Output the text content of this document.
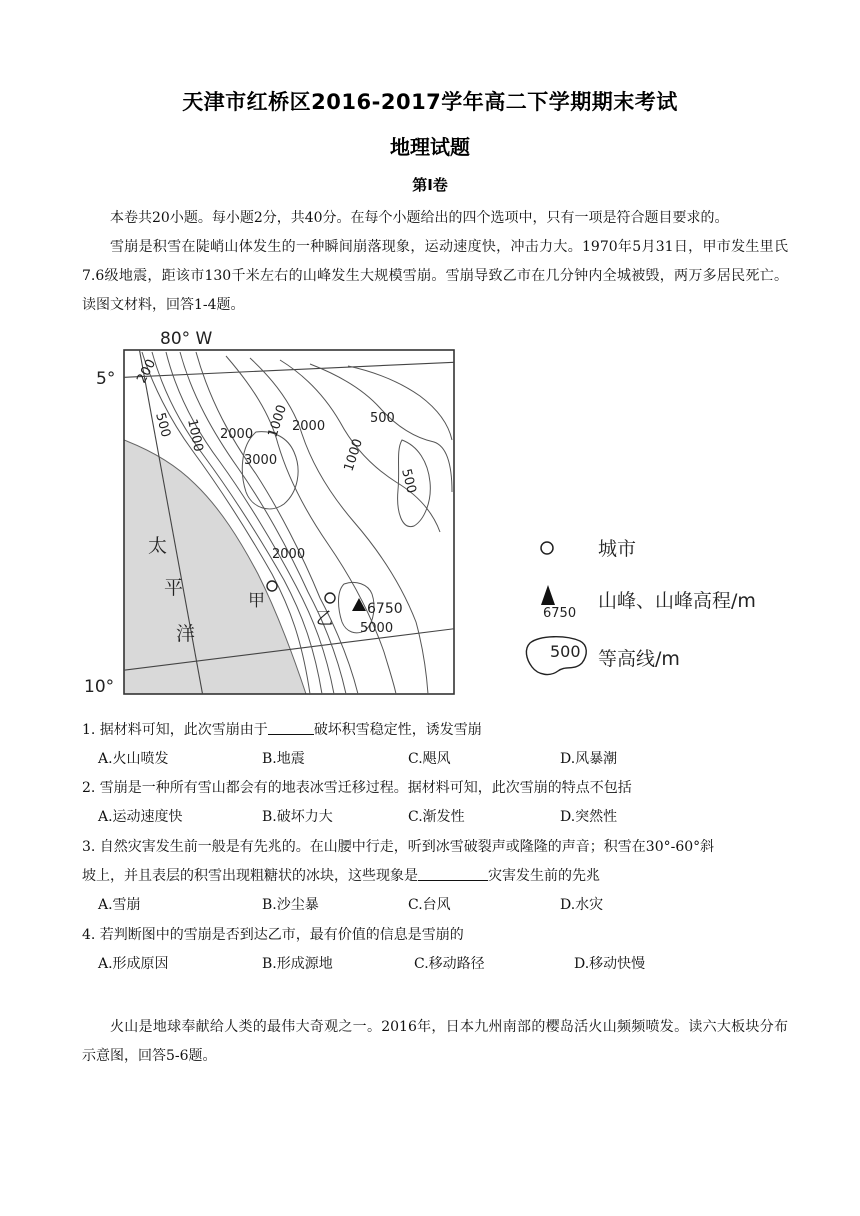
天津市红桥区2016-2017学年高二下学期期末考试
地理试题
第Ⅰ卷
本卷共20小题。每小题2分，共40分。在每个小题给出的四个选项中，只有一项是符合题目要求的。
雪崩是积雪在陡峭山体发生的一种瞬间崩落现象，运动速度快，冲击力大。1970年5月31日，甲市发生里氏7.6级地震，距该市130千米左右的山峰发生大规模雪崩。雪崩导致乙市在几分钟内全城被毁，两万多居民死亡。读图文材料，回答1-4题。
200
500 1000 2000 1000 2000
500
1000
3000
500
2000
5000
80° W
5°
10°
太
平
洋
甲
乙 6750
城市
6750
山峰、山峰高程/m
500 等高线/m
1. 据材料可知，此次雪崩由于	破坏积雪稳定性，诱发雪崩
A.火山喷发	B.地震	C.飓风	D.风暴潮
2. 雪崩是一种所有雪山都会有的地表冰雪迁移过程。据材料可知，此次雪崩的特点不包括
A.运动速度快	B.破坏力大	C.渐发性	D.突然性
3. 自然灾害发生前一般是有先兆的。在山腰中行走，听到冰雪破裂声或隆隆的声音；积雪在30°-60°斜
坡上，并且表层的积雪出现粗糖状的冰块，这些现象是	灾害发生前的先兆
A.雪崩	B.沙尘暴	C.台风	D.水灾
4. 若判断图中的雪崩是否到达乙市，最有价值的信息是雪崩的
A.形成原因	B.形成源地	C.移动路径	D.移动快慢
火山是地球奉献给人类的最伟大奇观之一。2016年，日本九州南部的樱岛活火山频频喷发。读六大板块分布示意图，回答5-6题。
